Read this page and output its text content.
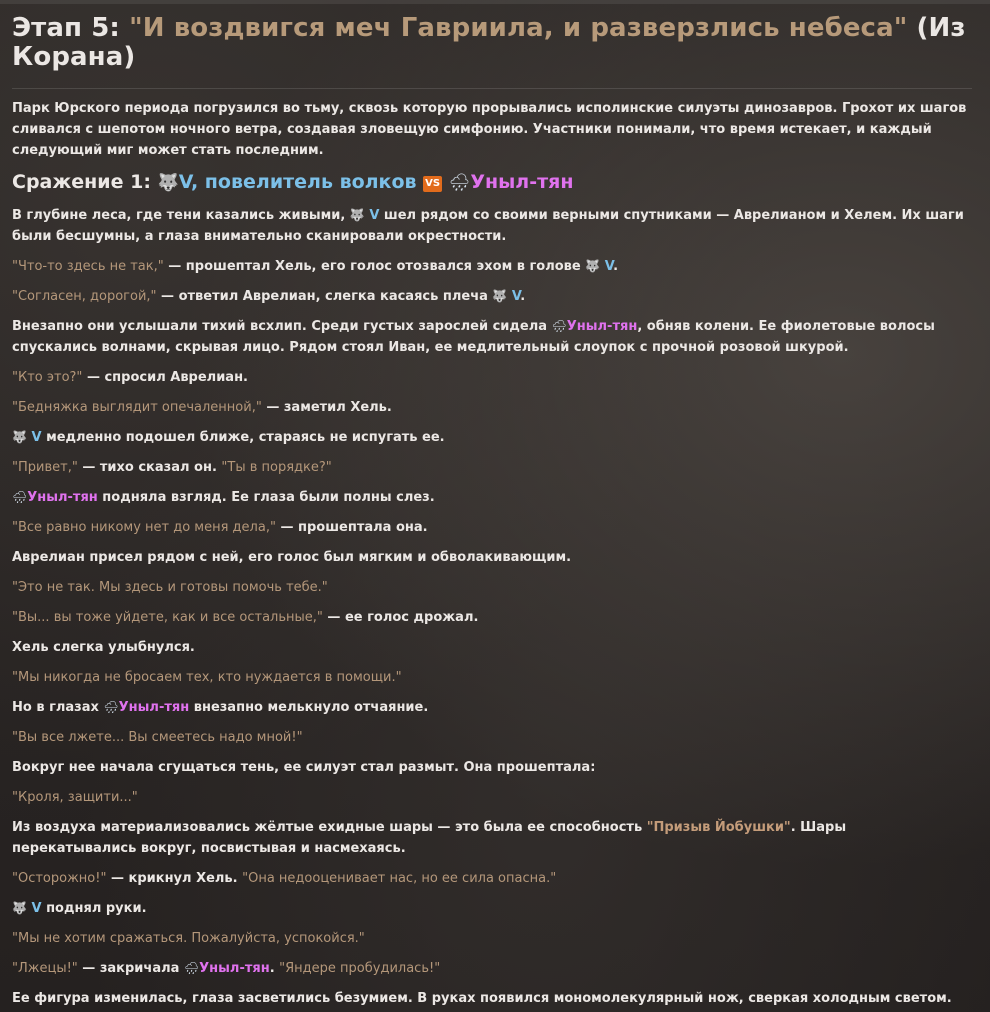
Этап 5: "И воздвигся меч Гавриила, и разверзлись небеса" (Из Корана)

Парк Юрского периода погрузился во тьму, сквозь которую прорывались исполинские силуэты динозавров. Грохот их шагов сливался с шепотом ночного ветра, создавая зловещую симфонию. Участники понимали, что время истекает, и каждый следующий миг может стать последним.

Сражение 1: 🐺V, повелитель волков VS 🌧Уныл-тян

В глубине леса, где тени казались живыми, 🐺 V шел рядом со своими верными спутниками — Аврелианом и Хелем. Их шаги были бесшумны, а глаза внимательно сканировали окрестности.

"Что-то здесь не так," — прошептал Хель, его голос отозвался эхом в голове 🐺 V.

"Согласен, дорогой," — ответил Аврелиан, слегка касаясь плеча 🐺 V.

Внезапно они услышали тихий всхлип. Среди густых зарослей сидела 🌧Уныл-тян, обняв колени. Ее фиолетовые волосы спускались волнами, скрывая лицо. Рядом стоял Иван, ее медлительный слоупок с прочной розовой шкурой.

"Кто это?" — спросил Аврелиан.

"Бедняжка выглядит опечаленной," — заметил Хель.

🐺 V медленно подошел ближе, стараясь не испугать ее.

"Привет," — тихо сказал он. "Ты в порядке?"

🌧Уныл-тян подняла взгляд. Ее глаза были полны слез.

"Все равно никому нет до меня дела," — прошептала она.

Аврелиан присел рядом с ней, его голос был мягким и обволакивающим.

"Это не так. Мы здесь и готовы помочь тебе."

"Вы... вы тоже уйдете, как и все остальные," — ее голос дрожал.

Хель слегка улыбнулся.

"Мы никогда не бросаем тех, кто нуждается в помощи."

Но в глазах 🌧Уныл-тян внезапно мелькнуло отчаяние.

"Вы все лжете... Вы смеетесь надо мной!"

Вокруг нее начала сгущаться тень, ее силуэт стал размыт. Она прошептала:

"Кроля, защити..."

Из воздуха материализовались жёлтые ехидные шары — это была ее способность "Призыв Йобушки". Шары перекатывались вокруг, посвистывая и насмехаясь.

"Осторожно!" — крикнул Хель. "Она недооценивает нас, но ее сила опасна."

🐺 V поднял руки.

"Мы не хотим сражаться. Пожалуйста, успокойся."

"Лжецы!" — закричала 🌧Уныл-тян. "Яндере пробудилась!"

Ее фигура изменилась, глаза засветились безумием. В руках появился мономолекулярный нож, сверкая холодным светом.
